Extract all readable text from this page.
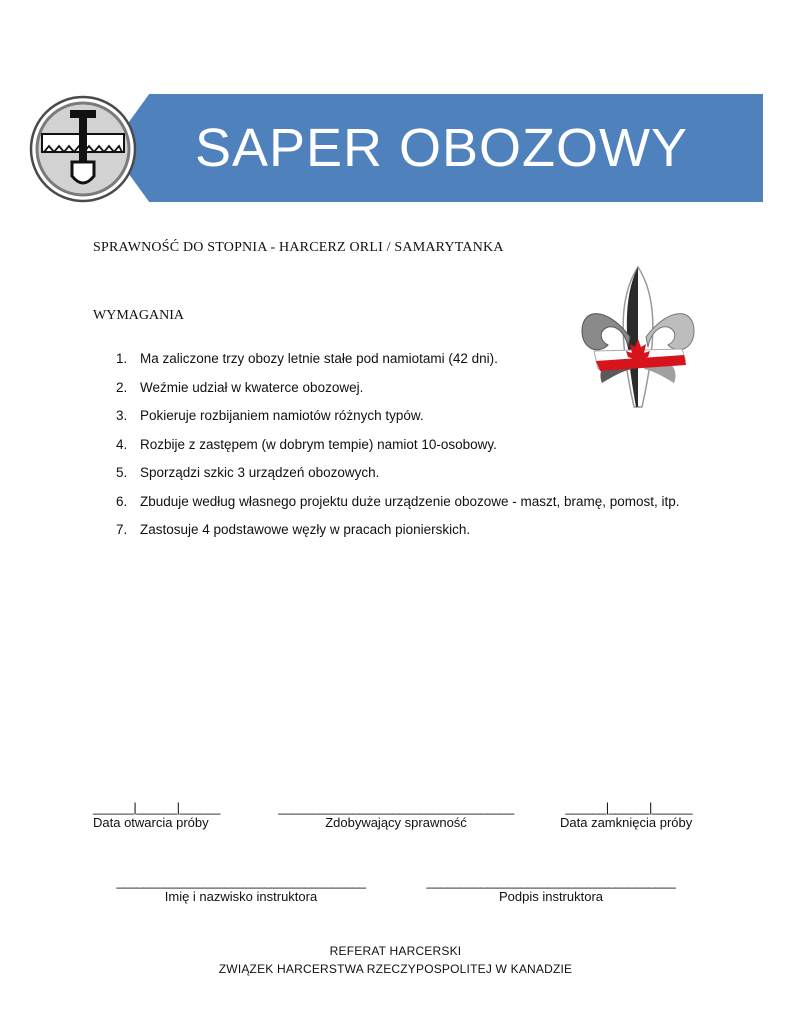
SAPER OBOZOWY
SPRAWNOŚĆ DO STOPNIA - HARCERZ ORLI / SAMARYTANKA
WYMAGANIA
1. Ma zaliczone trzy obozy letnie stałe pod namiotami (42 dni).
2. Weźmie udział w kwaterce obozowej.
3. Pokieruje rozbijaniem namiotów różnych typów.
4. Rozbije z zastępem (w dobrym tempie) namiot 10-osobowy.
5. Sporządzi szkic 3 urządzeń obozowych.
6. Zbuduje według własnego projektu duże urządzenie obozowe - maszt, bramę, pomost, itp.
7. Zastosuje 4 podstawowe węzły w pracach pionierskich.
______|______|______
Data otwarcia próby
___________________________________
Zdobywający sprawność
______|______|______
Data zamknięcia próby
_____________________________________
Imię i nazwisko instruktora
_____________________________________
Podpis instruktora
REFERAT HARCERSKI
ZWIĄZEK HARCERSTWA RZECZYPOSPOLITEJ W KANADZIE
